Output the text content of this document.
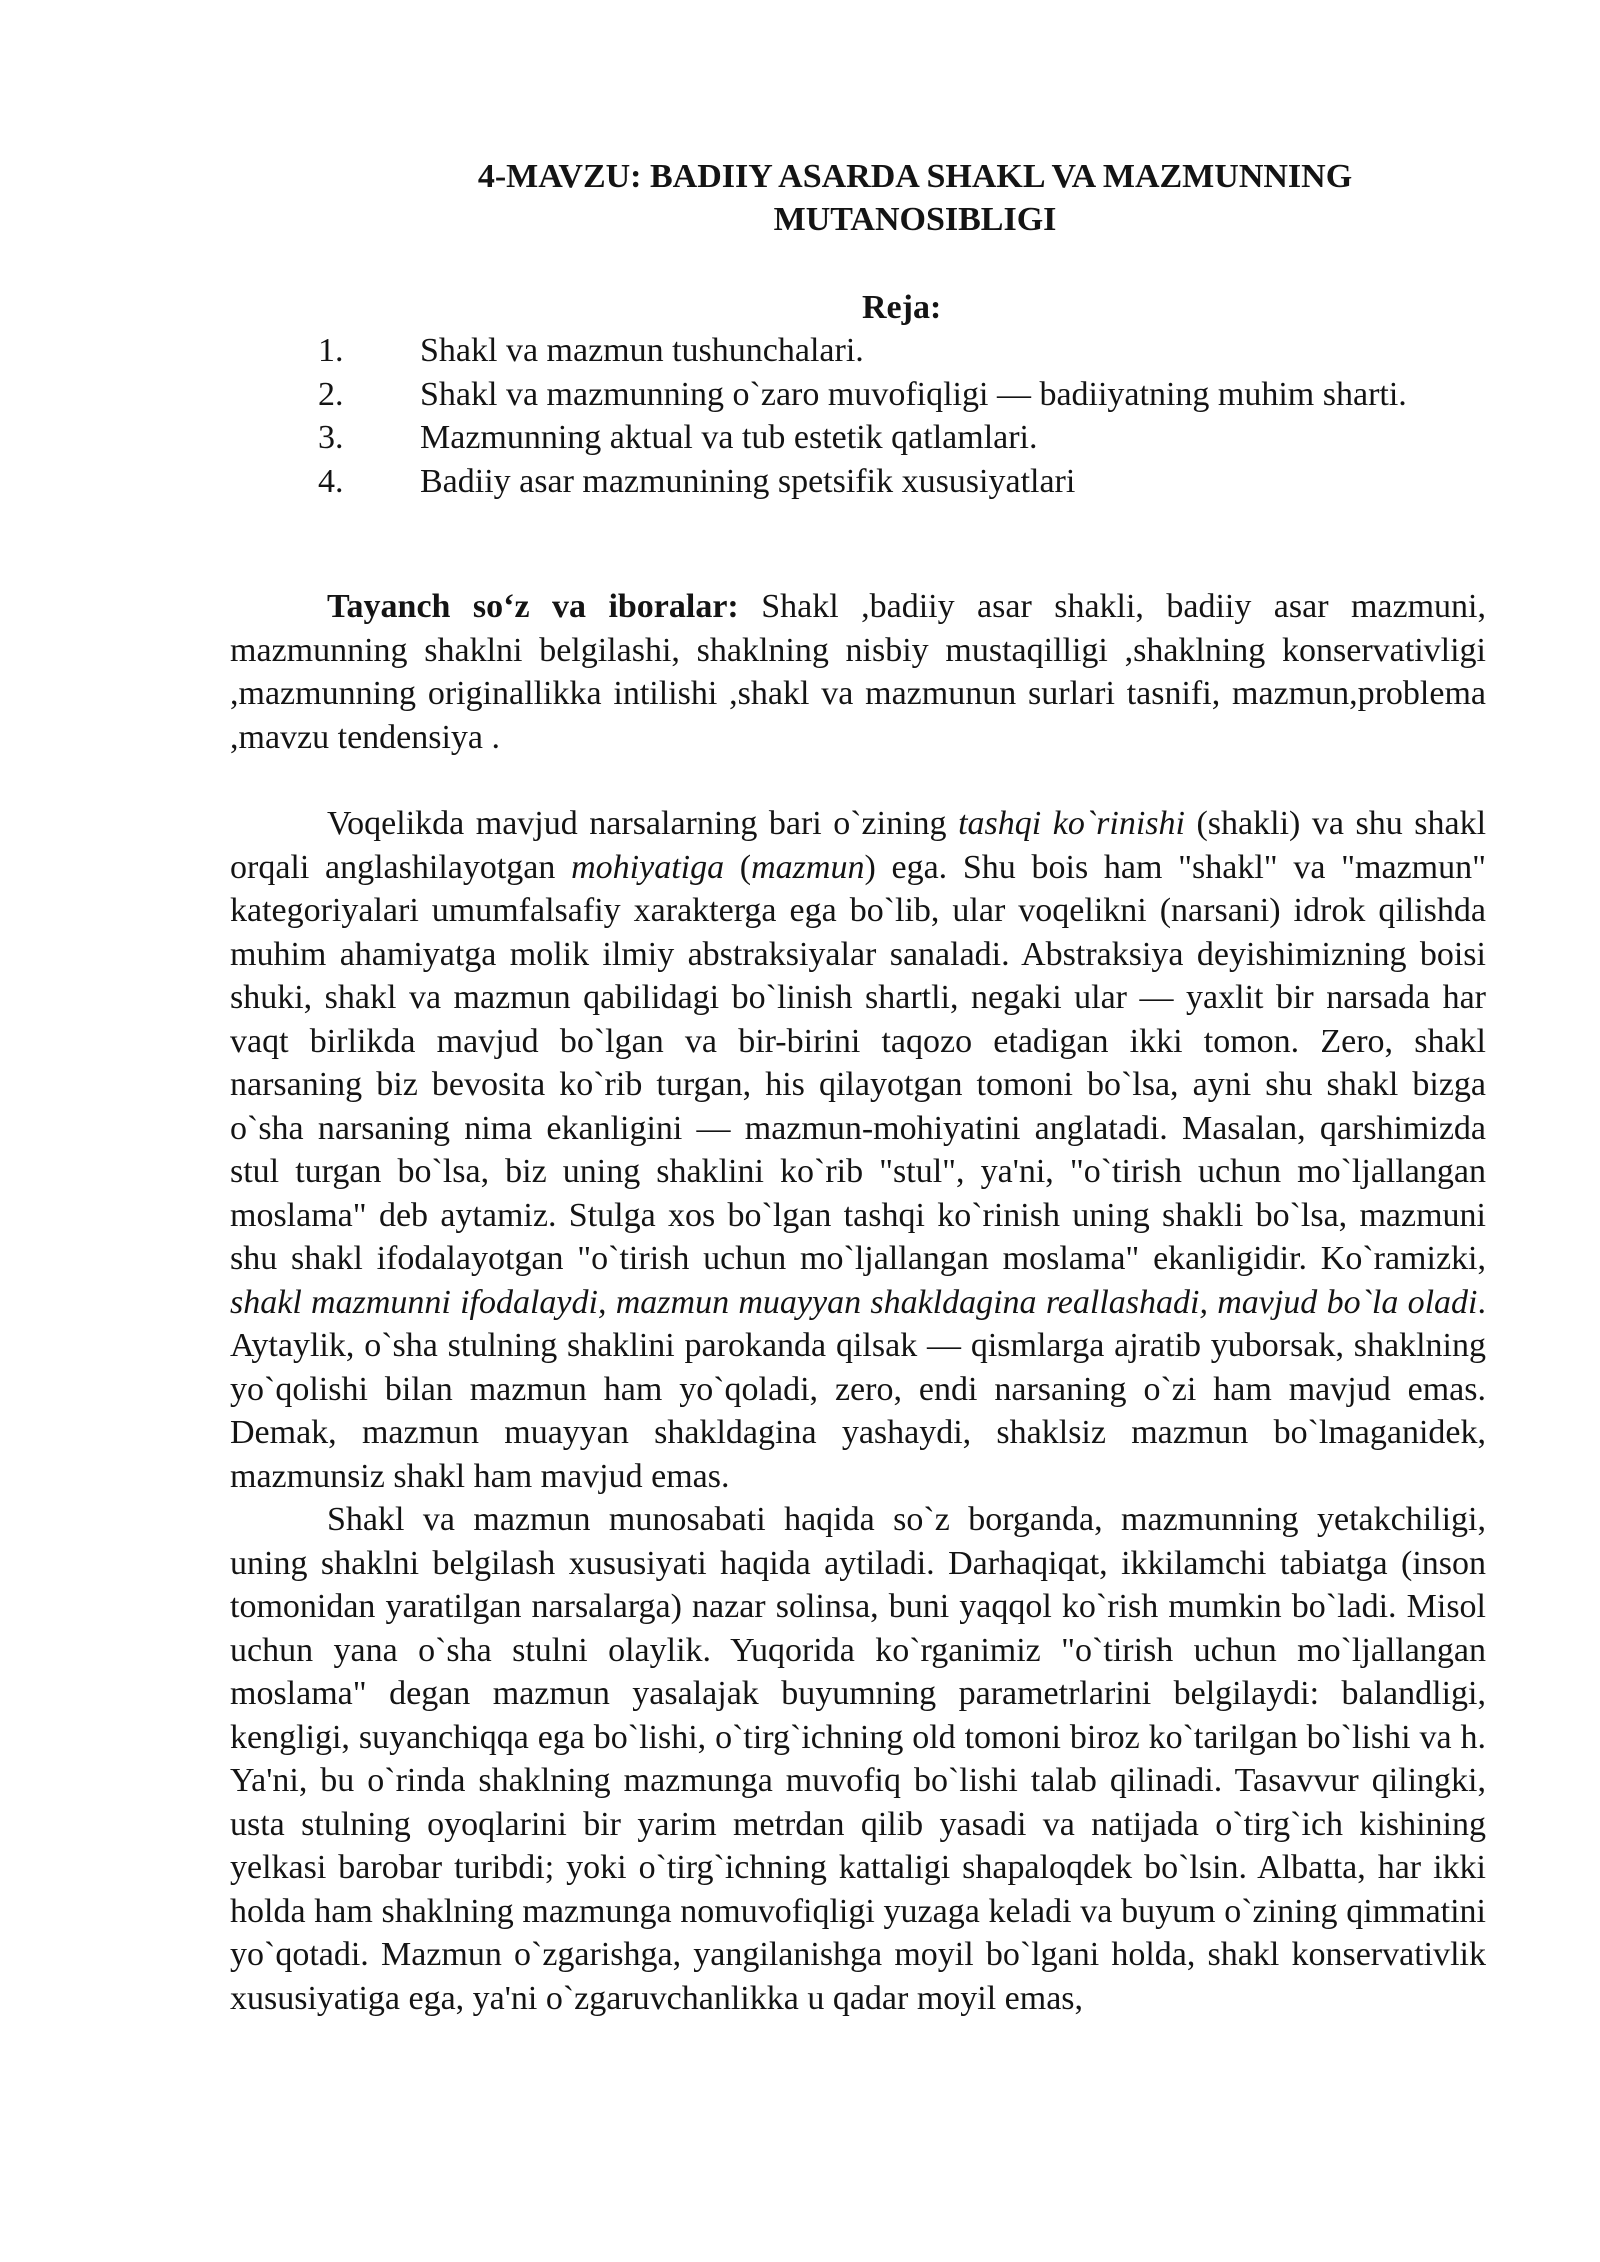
4-MAVZU: BADIIY ASARDA SHAKL VA MAZMUNNING
MUTANOSIBLIGI
Reja:
1. Shakl va mazmun tushunchalari.
2. Shakl va mazmunning o`zaro muvofiqligi — badiiyatning muhim sharti.
3. Mazmunning aktual va tub estetik qatlamlari.
4. Badiiy asar mazmunining spetsifik xususiyatlari

Tayanch so‘z va iboralar: Shakl ,badiiy asar shakli, badiiy asar mazmuni, mazmunning shaklni belgilashi, shaklning nisbiy mustaqilligi ,shaklning konservativligi ,mazmunning originallikka intilishi ,shakl va mazmunun surlari tasnifi, mazmun,problema ,mavzu tendensiya .

Voqelikda mavjud narsalarning bari o`zining tashqi ko`rinishi (shakli) va shu shakl orqali anglashilayotgan mohiyatiga (mazmun) ega. Shu bois ham "shakl" va "mazmun" kategoriyalari umumfalsafiy xarakterga ega bo`lib, ular voqelikni (narsani) idrok qilishda muhim ahamiyatga molik ilmiy abstraksiyalar sanaladi. Abstraksiya deyishimizning boisi shuki, shakl va mazmun qabilidagi bo`linish shartli, negaki ular — yaxlit bir narsada har vaqt birlikda mavjud bo`lgan va bir-birini taqozo etadigan ikki tomon. Zero, shakl narsaning biz bevosita ko`rib turgan, his qilayotgan tomoni bo`lsa, ayni shu shakl bizga o`sha narsaning nima ekanligini — mazmun-mohiyatini anglatadi. Masalan, qarshimizda stul turgan bo`lsa, biz uning shaklini ko`rib "stul", ya'ni, "o`tirish uchun mo`ljallangan moslama" deb aytamiz. Stulga xos bo`lgan tashqi ko`rinish uning shakli bo`lsa, mazmuni shu shakl ifodalayotgan "o`tirish uchun mo`ljallangan moslama" ekanligidir. Ko`ramizki, shakl mazmunni ifodalaydi, mazmun muayyan shakldagina reallashadi, mavjud bo`la oladi. Aytaylik, o`sha stulning shaklini parokanda qilsak — qismlarga ajratib yuborsak, shaklning yo`qolishi bilan mazmun ham yo`qoladi, zero, endi narsaning o`zi ham mavjud emas. Demak, mazmun muayyan shakldagina yashaydi, shaklsiz mazmun bo`lmaganidek, mazmunsiz shakl ham mavjud emas.

Shakl va mazmun munosabati haqida so`z borganda, mazmunning yetakchiligi, uning shaklni belgilash xususiyati haqida aytiladi. Darhaqiqat, ikkilamchi tabiatga (inson tomonidan yaratilgan narsalarga) nazar solinsa, buni yaqqol ko`rish mumkin bo`ladi. Misol uchun yana o`sha stulni olaylik. Yuqorida ko`rganimiz "o`tirish uchun mo`ljallangan moslama" degan mazmun yasalajak buyumning parametrlarini belgilaydi: balandligi, kengligi, suyanchiqqa ega bo`lishi, o`tirg`ichning old tomoni biroz ko`tarilgan bo`lishi va h. Ya'ni, bu o`rinda shaklning mazmunga muvofiq bo`lishi talab qilinadi. Tasavvur qilingki, usta stulning oyoqlarini bir yarim metrdan qilib yasadi va natijada o`tirg`ich kishining yelkasi barobar turibdi; yoki o`tirg`ichning kattaligi shapaloqdek bo`lsin. Albatta, har ikki holda ham shaklning mazmunga nomuvofiqligi yuzaga keladi va buyum o`zining qimmatini yo`qotadi. Mazmun o`zgarishga, yangilanishga moyil bo`lgani holda, shakl konservativlik xususiyatiga ega, ya'ni o`zgaruvchanlikka u qadar moyil emas,
